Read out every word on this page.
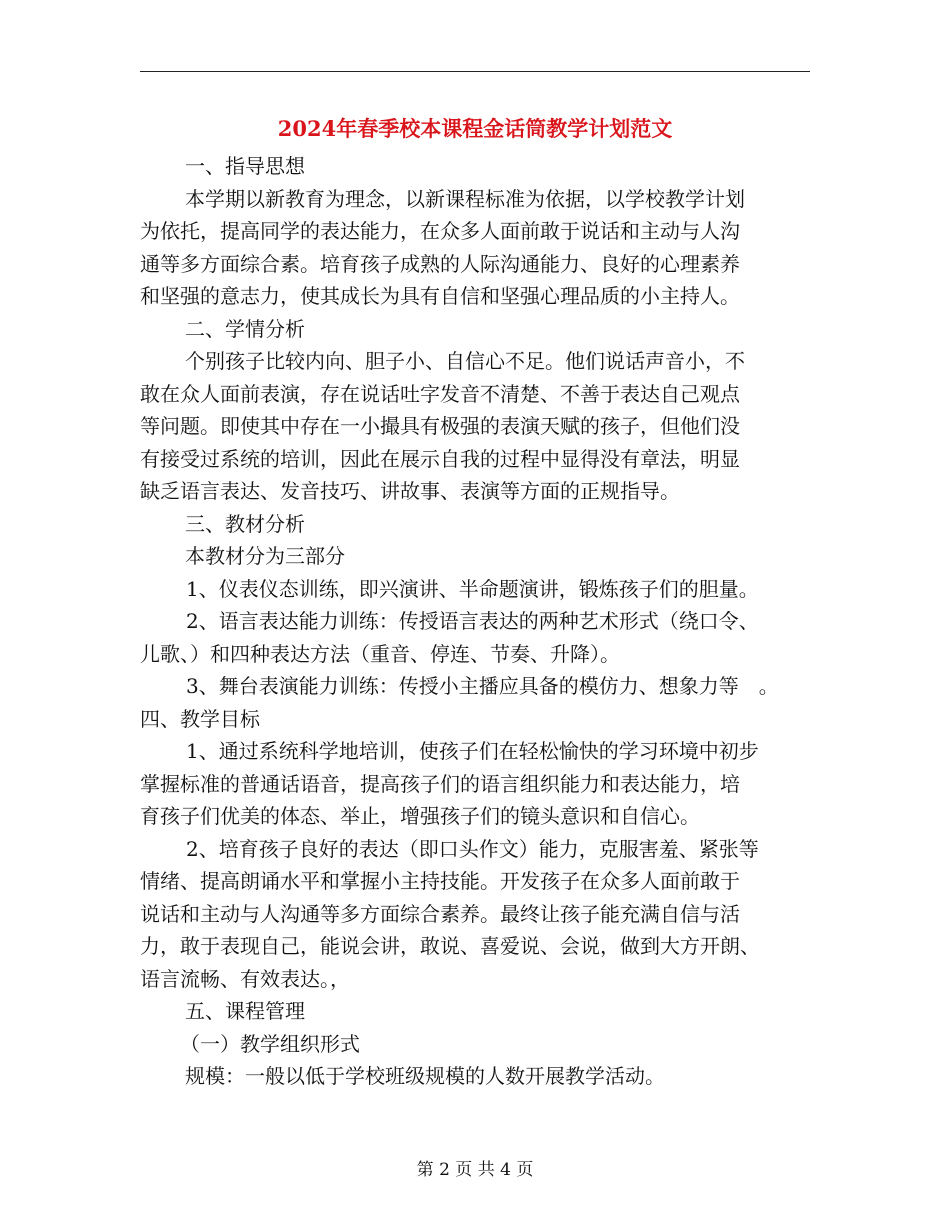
2024年春季校本课程金话筒教学计划范文

一、指导思想

本学期以新教育为理念，以新课程标准为依据，以学校教学计划

为依托，提高同学的表达能力，在众多人面前敢于说话和主动与人沟

通等多方面综合素。培育孩子成熟的人际沟通能力、良好的心理素养

和坚强的意志力，使其成长为具有自信和坚强心理品质的小主持人。

二、学情分析

个别孩子比较内向、胆子小、自信心不足。他们说话声音小，不

敢在众人面前表演，存在说话吐字发音不清楚、不善于表达自己观点

等问题。即使其中存在一小撮具有极强的表演天赋的孩子，但他们没

有接受过系统的培训，因此在展示自我的过程中显得没有章法，明显

缺乏语言表达、发音技巧、讲故事、表演等方面的正规指导。

三、教材分析

本教材分为三部分

1、仪表仪态训练，即兴演讲、半命题演讲，锻炼孩子们的胆量。

2、语言表达能力训练：传授语言表达的两种艺术形式（绕口令、

儿歌、）和四种表达方法（重音、停连、节奏、升降）。

3、舞台表演能力训练：传授小主播应具备的模仿力、想象力等　。

四、教学目标

1、通过系统科学地培训，使孩子们在轻松愉快的学习环境中初步

掌握标准的普通话语音，提高孩子们的语言组织能力和表达能力，培

育孩子们优美的体态、举止，增强孩子们的镜头意识和自信心。

2、培育孩子良好的表达（即口头作文）能力，克服害羞、紧张等

情绪、提高朗诵水平和掌握小主持技能。开发孩子在众多人面前敢于

说话和主动与人沟通等多方面综合素养。最终让孩子能充满自信与活

力，敢于表现自己，能说会讲，敢说、喜爱说、会说，做到大方开朗、

语言流畅、有效表达。，

五、课程管理

（一）教学组织形式

规模：一般以低于学校班级规模的人数开展教学活动。

第 2 页 共 4 页
